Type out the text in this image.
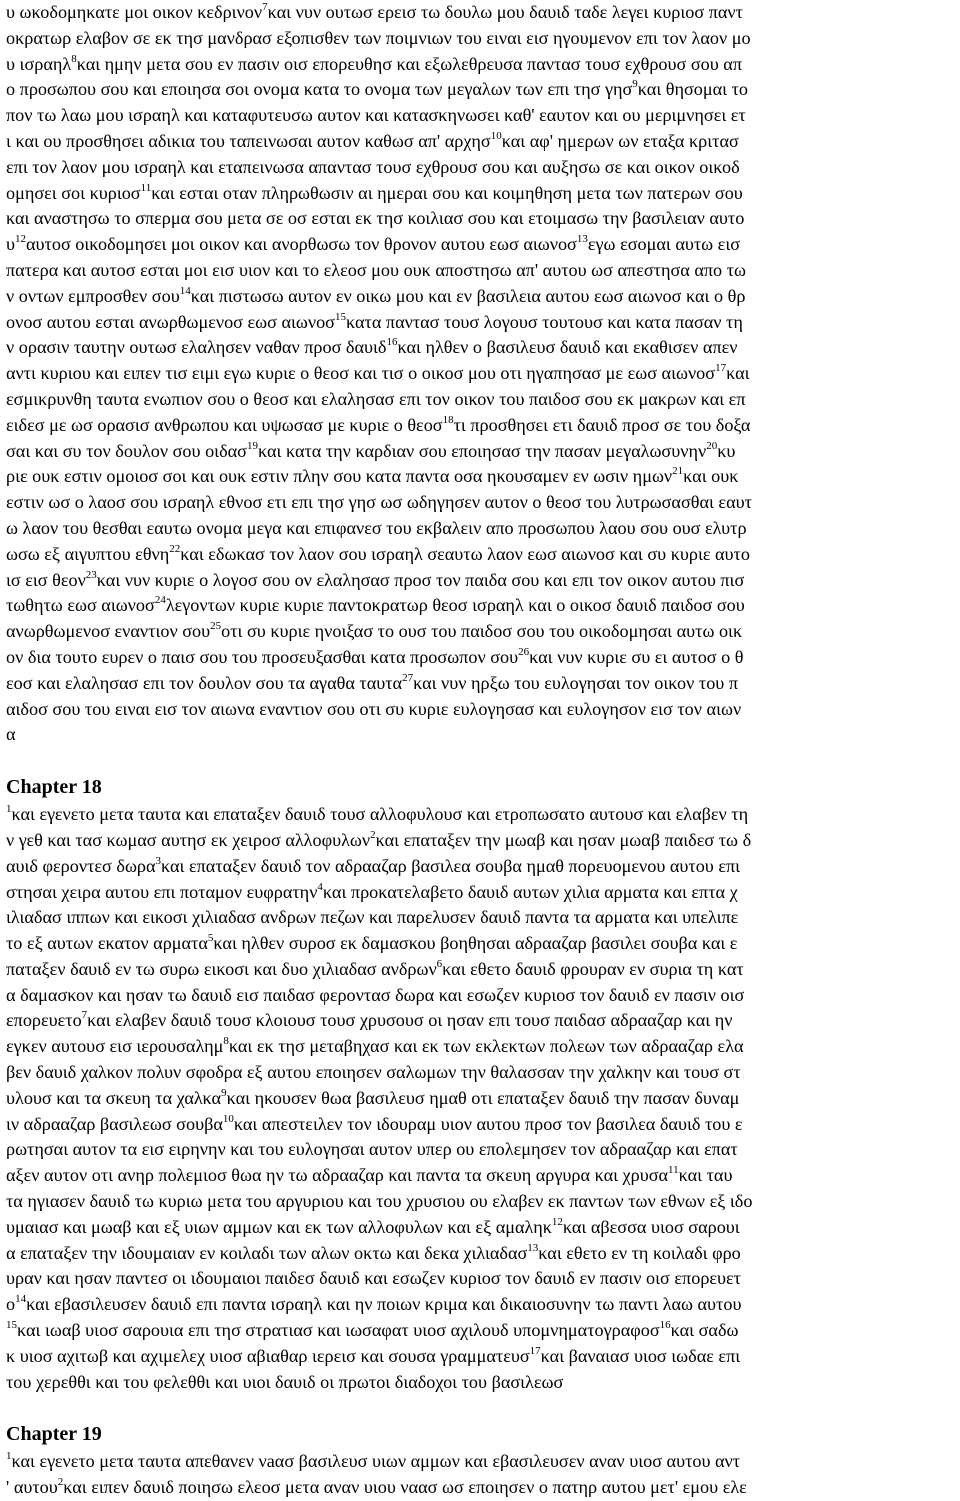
υ ωκοδομηκατε μοι οικον κεδρινον$^7$και νυν ουτωσ ερεισ τω δουλω μου δαυιδ ταδε λεγει κυριοσ παντ
οκρατωρ ελαβον σε εκ τησ μανδρασ εξοπισθεν των ποιμνιων του ειναι εισ ηγουμενον επι τον λαον μο
υ ισραηλ$^8$και ημην μετα σου εν πασιν οισ επορευθησ και εξωλεθρευσα παντασ τουσ εχθρουσ σου απ
ο προσωπου σου και εποιησα σοι ονομα κατα το ονομα των μεγαλων των επι τησ γησ$^9$και θησομαι το
πον τω λαω μου ισραηλ και καταφυτευσω αυτον και κατασκηνωσει καθ' εαυτον και ου μεριμνησει ετ
ι και ου προσθησει αδικια του ταπεινωσαι αυτον καθωσ απ' αρχησ$^{10}$και αφ' ημερων ων εταξα κριτασ
επι τον λαον μου ισραηλ και εταπεινωσα απαντασ τουσ εχθρουσ σου και αυξησω σε και οικον οικοδ
ομησει σοι κυριοσ$^{11}$και εσται οταν πληρωθωσιν αι ημεραι σου και κοιμηθηση μετα των πατερων σου
και αναστησω το σπερμα σου μετα σε οσ εσται εκ τησ κοιλιασ σου και ετοιμασω την βασιλειαν αυτο
$\upsilon^{12}\alpha\upsilon\tau o\sigma$ οικοδομησει μοι οικον και ανορθωσω τον θρονον αυτου εωσ αιωνοσ$^{13}$εγω εσομαι αυτω εισ
πατερα και αυτοσ εσται μοι εισ υιον και το ελεοσ μου ουκ αποστησω απ' αυτου ωσ απεστησα απο τω
ν οντων εμπροσθεν σου$^{14}$και πιστωσω αυτον εν οικω μου και εν βασιλεια αυτου εωσ αιωνοσ και ο θρ
ονοσ αυτου εσται ανωρθωμενοσ εωσ αιωνοσ$^{15}$κατα παντασ τουσ λογουσ τουτουσ και κατα πασαν τη
ν ορασιν ταυτην ουτωσ ελαλησεν ναθαν προσ δαυιδ$^{16}$και ηλθεν ο βασιλευσ δαυιδ και εκαθισεν απεν
αντι κυριου και ειπεν τισ ειμι εγω κυριε ο θεοσ και τισ ο οικοσ μου οτι ηγαπησασ με εωσ αιωνοσ$^{17}$και
εσμικρυνθη ταυτα ενωπιον σου ο θεοσ και ελαλησασ επι τον οικον του παιδοσ σου εκ μακρων και επ
ειδεσ με ωσ ορασισ ανθρωπου και υψωσασ με κυριε ο θεοσ$^{18}$τι προσθησει ετι δαυιδ προσ σε του δοξα
σαι και συ τον δουλον σου οιδασ$^{19}$και κατα την καρδιαν σου εποιησασ την πασαν μεγαλωσυνην$^{20}$κυ
ριε ουκ εστιν ομοιοσ σοι και ουκ εστιν πλην σου κατα παντα οσα ηκουσαμεν εν ωσιν ημων$^{21}$και ουκ
εστιν ωσ ο λαοσ σου ισραηλ εθνοσ ετι επι τησ γησ ωσ ωδηγησεν αυτον ο θεοσ του λυτρωσασθαι εαυτ
ω λαον του θεσθαι εαυτω ονομα μεγα και επιφανεσ του εκβαλειν απο προσωπου λαου σου ουσ ελυτρ
ωσω εξ αιγυπτου εθνη$^{22}$και εδωκασ τον λαον σου ισραηλ σεαυτω λαον εωσ αιωνοσ και συ κυριε αυτο
ισ εισ θεον$^{23}$και νυν κυριε ο λογοσ σου ον ελαλησασ προσ τον παιδα σου και επι τον οικον αυτου πισ
τωθητω εωσ αιωνοσ$^{24}$λεγοντων κυριε κυριε παντοκρατωρ θεοσ ισραηλ και ο οικοσ δαυιδ παιδοσ σου
ανωρθωμενοσ εναντιον σου$^{25}$οτι συ κυριε ηνοιξασ το ουσ του παιδοσ σου του οικοδομησαι αυτω οικ
ον δια τουτο ευρεν ο παισ σου του προσευξασθαι κατα προσωπον σου$^{26}$και νυν κυριε συ ει αυτοσ ο θ
εοσ και ελαλησασ επι τον δουλον σου τα αγαθα ταυτα$^{27}$και νυν ηρξω του ευλογησαι τον οικον του π
αιδοσ σου του ειναι εισ τον αιωνα εναντιον σου οτι συ κυριε ευλογησασ και ευλογησον εισ τον αιων
α
Chapter 18
$^1$και εγενετο μετα ταυτα και επαταξεν δαυιδ τουσ αλλοφυλουσ και ετροπωσατο αυτουσ και ελαβεν τη
ν γεθ και τασ κωμασ αυτησ εκ χειροσ αλλοφυλων$^2$και επαταξεν την μωαβ και ησαν μωαβ παιδεσ τω δ
αυιδ φεροντεσ δωρα$^3$και επαταξεν δαυιδ τον αδρααζαρ βασιλεα σουβα ημαθ πορευομενου αυτου επι
στησαι χειρα αυτου επι ποταμον ευφρατην$^4$και προκατελαβετο δαυιδ αυτων χιλια αρματα και επτα χ
ιλιαδασ ιππων και εικοσι χιλιαδασ ανδρων πεζων και παρελυσεν δαυιδ παντα τα αρματα και υπελιπε
το εξ αυτων εκατον αρματα$^5$και ηλθεν συροσ εκ δαμασκου βοηθησαι αδρααζαρ βασιλει σουβα και ε
παταξεν δαυιδ εν τω συρω εικοσι και δυο χιλιαδασ ανδρων$^6$και εθετο δαυιδ φρουραν εν συρια τη κατ
α δαμασκον και ησαν τω δαυιδ εισ παιδασ φεροντασ δωρα και εσωζεν κυριοσ τον δαυιδ εν πασιν οισ
επορευετο$^7$και ελαβεν δαυιδ τουσ κλοιουσ τουσ χρυσουσ οι ησαν επι τουσ παιδασ αδρααζαρ και ην
εγκεν αυτουσ εισ ιερουσαλημ$^8$και εκ τησ μεταβηχασ και εκ των εκλεκτων πολεων των αδρααζαρ ελα
βεν δαυιδ χαλκον πολυν σφοδρα εξ αυτου εποιησεν σαλωμων την θαλασσαν την χαλκην και τουσ στ
υλουσ και τα σκευη τα χαλκα$^9$και ηκουσεν θωα βασιλευσ ημαθ οτι επαταξεν δαυιδ την πασαν δυναμ
ιν αδρααζαρ βασιλεωσ σουβα$^{10}$και απεστειλεν τον ιδουραμ υιον αυτου προσ τον βασιλεα δαυιδ του ε
ρωτησαι αυτον τα εισ ειρηνην και του ευλογησαι αυτον υπερ ου επολεμησεν τον αδρααζαρ και επατ
αξεν αυτον οτι ανηρ πολεμιοσ θωα ην τω αδρααζαρ και παντα τα σκευη αργυρα και χρυσα$^{11}$και ταυ
τα ηγιασεν δαυιδ τω κυριω μετα του αργυριου και του χρυσιου ου ελαβεν εκ παντων των εθνων εξ ιδο
υμαιασ και μωαβ και εξ υιων αμμων και εκ των αλλοφυλων και εξ αμαληκ$^{12}$και αβεσσα υιοσ σαρουι
α επαταξεν την ιδουμαιαν εν κοιλαδι των αλων οκτω και δεκα χιλιαδασ$^{13}$και εθετο εν τη κοιλαδι φρο
υραν και ησαν παντεσ οι ιδουμαιοι παιδεσ δαυιδ και εσωζεν κυριοσ τον δαυιδ εν πασιν οισ επορευετ
$o^{14}\kappa\alpha\iota$ εβασιλευσεν δαυιδ επι παντα ισραηλ και ην ποιων κριμα και δικαιοσυνην τω παντι λαω αυτου
$^{15}$και ιωαβ υιοσ σαρουια επι τησ στρατιασ και ιωσαφατ υιοσ αχιλουδ υπομνηματογραφοσ$^{16}$και σαδω
κ υιοσ αχιτωβ και αχιμελεχ υιοσ αβιαθαρ ιερεισ και σουσα γραμματευσ$^{17}$και βαναιασ υιοσ ιωδαε επι
του χερεθθι και του φελεθθι και υιοι δαυιδ οι πρωτοι διαδοχοι του βασιλεωσ
Chapter 19
$^1$και εγενετο μετα ταυτα απεθανεν νaασ βασιλευσ υιων αμμων και εβασιλευσεν αναν υιοσ αυτου αντ
' αυτου$^2$και ειπεν δαυιδ ποιησω ελεοσ μετα αναν υιου ναασ ωσ εποιησεν ο πατηρ αυτου μετ' εμου ελε
